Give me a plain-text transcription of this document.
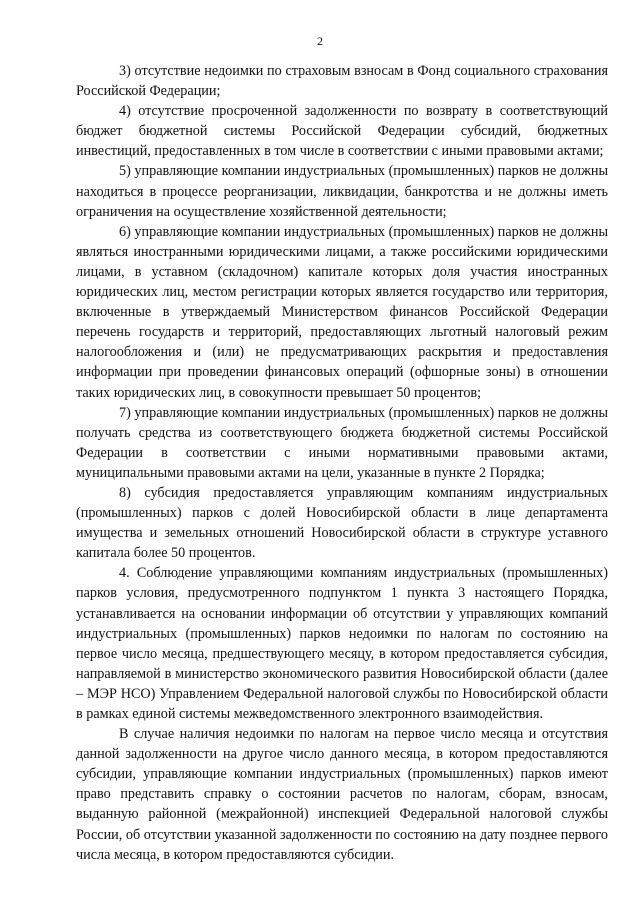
2

3) отсутствие недоимки по страховым взносам в Фонд социального страхования Российской Федерации;

4) отсутствие просроченной задолженности по возврату в соответствующий бюджет бюджетной системы Российской Федерации субсидий, бюджетных инвестиций, предоставленных в том числе в соответствии с иными правовыми актами;

5) управляющие компании индустриальных (промышленных) парков не должны находиться в процессе реорганизации, ликвидации, банкротства и не должны иметь ограничения на осуществление хозяйственной деятельности;

6) управляющие компании индустриальных (промышленных) парков не должны являться иностранными юридическими лицами, а также российскими юридическими лицами, в уставном (складочном) капитале которых доля участия иностранных юридических лиц, местом регистрации которых является государство или территория, включенные в утверждаемый Министерством финансов Российской Федерации перечень государств и территорий, предоставляющих льготный налоговый режим налогообложения и (или) не предусматривающих раскрытия и предоставления информации при проведении финансовых операций (офшорные зоны) в отношении таких юридических лиц, в совокупности превышает 50 процентов;

7) управляющие компании индустриальных (промышленных) парков не должны получать средства из соответствующего бюджета бюджетной системы Российской Федерации в соответствии с иными нормативными правовыми актами, муниципальными правовыми актами на цели, указанные в пункте 2 Порядка;

8) субсидия предоставляется управляющим компаниям индустриальных (промышленных) парков с долей Новосибирской области в лице департамента имущества и земельных отношений Новосибирской области в структуре уставного капитала более 50 процентов.

4. Соблюдение управляющими компаниям индустриальных (промышленных) парков условия, предусмотренного подпунктом 1 пункта 3 настоящего Порядка, устанавливается на основании информации об отсутствии у управляющих компаний индустриальных (промышленных) парков недоимки по налогам по состоянию на первое число месяца, предшествующего месяцу, в котором предоставляется субсидия, направляемой в министерство экономического развития Новосибирской области (далее – МЭР НСО) Управлением Федеральной налоговой службы по Новосибирской области в рамках единой системы межведомственного электронного взаимодействия.

В случае наличия недоимки по налогам на первое число месяца и отсутствия данной задолженности на другое число данного месяца, в котором предоставляются субсидии, управляющие компании индустриальных (промышленных) парков имеют право представить справку о состоянии расчетов по налогам, сборам, взносам, выданную районной (межрайонной) инспекцией Федеральной налоговой службы России, об отсутствии указанной задолженности по состоянию на дату позднее первого числа месяца, в котором предоставляются субсидии.
